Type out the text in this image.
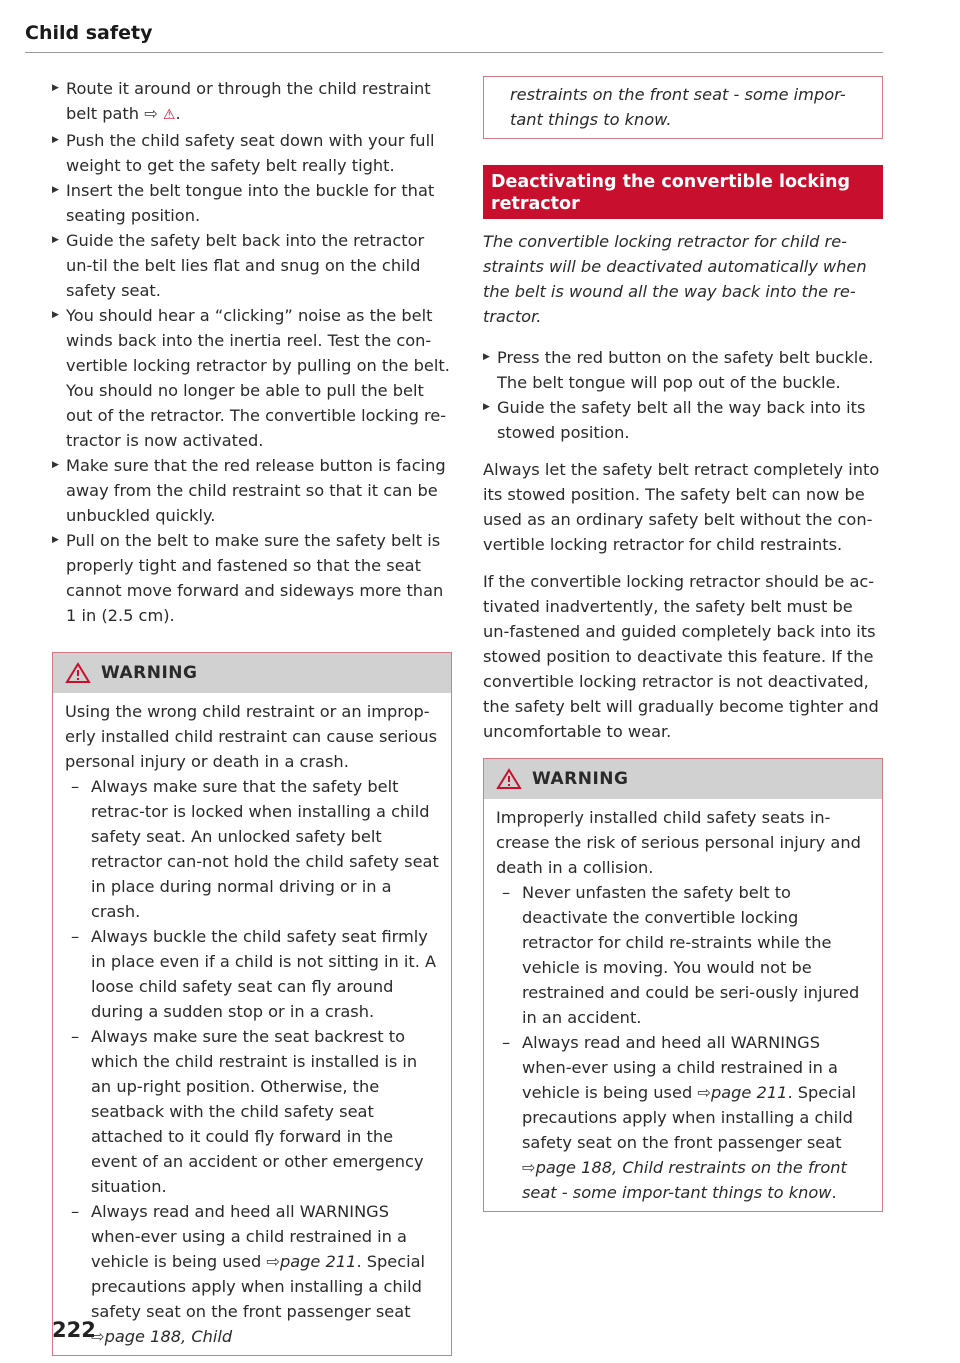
Child safety
▶ Route it around or through the child restraint belt path ⇨ ⚠.
▶ Push the child safety seat down with your full weight to get the safety belt really tight.
▶ Insert the belt tongue into the buckle for that seating position.
▶ Guide the safety belt back into the retractor un-til the belt lies flat and snug on the child safety seat.
▶ You should hear a “clicking” noise as the belt winds back into the inertia reel. Test the con-vertible locking retractor by pulling on the belt. You should no longer be able to pull the belt out of the retractor. The convertible locking re-tractor is now activated.
▶ Make sure that the red release button is facing away from the child restraint so that it can be unbuckled quickly.
▶ Pull on the belt to make sure the safety belt is properly tight and fastened so that the seat cannot move forward and sideways more than 1 in (2.5 cm).
WARNING

Using the wrong child restraint or an improp-erly installed child restraint can cause serious personal injury or death in a crash.

– Always make sure that the safety belt retrac-tor is locked when installing a child safety seat. An unlocked safety belt retractor can-not hold the child safety seat in place during normal driving or in a crash.
– Always buckle the child safety seat firmly in place even if a child is not sitting in it. A loose child safety seat can fly around during a sudden stop or in a crash.
– Always make sure the seat backrest to which the child restraint is installed is in an up-right position. Otherwise, the seatback with the child safety seat attached to it could fly forward in the event of an accident or other emergency situation.
– Always read and heed all WARNINGS when-ever using a child restrained in a vehicle is being used ⇨page 211. Special precautions apply when installing a child safety seat on the front passenger seat ⇨page 188, Child
222
restraints on the front seat - some impor-tant things to know.
Deactivating the convertible locking retractor

The convertible locking retractor for child re-straints will be deactivated automatically when the belt is wound all the way back into the re-tractor.

▶ Press the red button on the safety belt buckle. The belt tongue will pop out of the buckle.
▶ Guide the safety belt all the way back into its stowed position.

Always let the safety belt retract completely into its stowed position. The safety belt can now be used as an ordinary safety belt without the con-vertible locking retractor for child restraints.

If the convertible locking retractor should be ac-tivated inadvertently, the safety belt must be un-fastened and guided completely back into its stowed position to deactivate this feature. If the convertible locking retractor is not deactivated, the safety belt will gradually become tighter and uncomfortable to wear.

WARNING

Improperly installed child safety seats in-crease the risk of serious personal injury and death in a collision.

– Never unfasten the safety belt to deactivate the convertible locking retractor for child re-straints while the vehicle is moving. You would not be restrained and could be seri-ously injured in an accident.
– Always read and heed all WARNINGS when-ever using a child restrained in a vehicle is being used ⇨page 211. Special precautions apply when installing a child safety seat on the front passenger seat ⇨page 188, Child restraints on the front seat - some impor-tant things to know.
